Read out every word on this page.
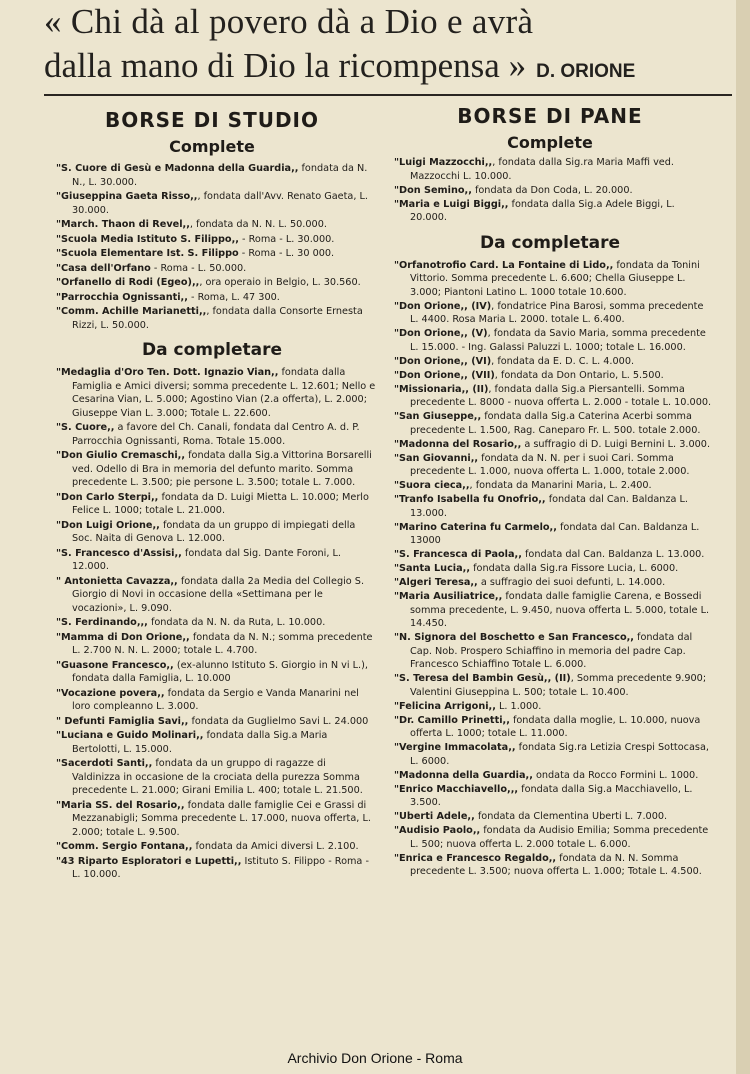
« Chi dà al povero dà a Dio e avrà
dalla mano di Dio la ricompensa » D. ORIONE
BORSE DI STUDIO
Complete

"S. Cuore di Gesù e Madonna della Guardia,, fondata da N. N., L. 30.000.

"Giuseppina Gaeta Risso,,, fondata dall'Avv. Renato Gaeta, L. 30.000.

"March. Thaon di Revel,,, fondata da N. N. L. 50.000.

"Scuola Media Istituto S. Filippo,, - Roma - L. 30.000.

"Scuola Elementare Ist. S. Filippo - Roma - L. 30 000.

"Casa dell'Orfano - Roma - L. 50.000.

"Orfanello di Rodi (Egeo),,, ora operaio in Belgio, L. 30.560.

"Parrocchia Ognissanti,, - Roma, L. 47 300.

"Comm. Achille Marianetti,,, fondata dalla Consorte Ernesta Rizzi, L. 50.000.

Da completare

"Medaglia d'Oro Ten. Dott. Ignazio Vian,, fondata dalla Famiglia e Amici diversi; somma precedente L. 12.601; Nello e Cesarina Vian, L. 5.000; Agostino Vian (2.a offerta), L. 2.000; Giuseppe Vian L. 3.000; Totale L. 22.600.

"S. Cuore,, a favore del Ch. Canali, fondata dal Centro A. d. P. Parrocchia Ognissanti, Roma. Totale 15.000.

"Don Giulio Cremaschi,, fondata dalla Sig.a Vittorina Borsarelli ved. Odello di Bra in memoria del defunto marito. Somma precedente L. 3.500; pie persone L. 3.500; totale L. 7.000.

"Don Carlo Sterpi,, fondata da D. Luigi Mietta L. 10.000; Merlo Felice L. 1000; totale L. 21.000.

"Don Luigi Orione,, fondata da un gruppo di impiegati della Soc. Naita di Genova L. 12.000.

"S. Francesco d'Assisi,, fondata dal Sig. Dante Foroni, L. 12.000.

" Antonietta Cavazza,, fondata dalla 2a Media del Collegio S. Giorgio di Novi in occasione della «Settimana per le vocazioni», L. 9.090.

"S. Ferdinando,,, fondata da N. N. da Ruta, L. 10.000.

"Mamma di Don Orione,, fondata da N. N.; somma precedente L. 2.700 N. N. L. 2000; totale L. 4.700.

"Guasone Francesco,, (ex-alunno Istituto S. Giorgio in N vi L.), fondata dalla Famiglia, L. 10.000

"Vocazione povera,, fondata da Sergio e Vanda Manarini nel loro compleanno L. 3.000.

" Defunti Famiglia Savi,, fondata da Guglielmo Savi L. 24.000

"Luciana e Guido Molinari,, fondata dalla Sig.a Maria Bertolotti, L. 15.000.

"Sacerdoti Santi,, fondata da un gruppo di ragazze di Valdinizza in occasione de la crociata della purezza Somma precedente L. 21.000; Girani Emilia L. 400; totale L. 21.500.

"Maria SS. del Rosario,, fondata dalle famiglie Cei e Grassi di Mezzanabigli; Somma precedente L. 17.000, nuova offerta, L. 2.000; totale L. 9.500.

"Comm. Sergio Fontana,, fondata da Amici diversi L. 2.100.

"43 Riparto Esploratori e Lupetti,, Istituto S. Filippo - Roma - L. 10.000.

BORSE DI PANE
Complete

"Luigi Mazzocchi,,, fondata dalla Sig.ra Maria Maffi ved. Mazzocchi L. 10.000.

"Don Semino,, fondata da Don Coda, L. 20.000.

"Maria e Luigi Biggi,, fondata dalla Sig.a Adele Biggi, L. 20.000.

Da completare

"Orfanotrofio Card. La Fontaine di Lido,, fondata da Tonini Vittorio. Somma precedente L. 6.600; Chella Giuseppe L. 3.000; Piantoni Latino L. 1000 totale 10.600.

"Don Orione,, (IV), fondatrice Pina Barosi, somma precedente L. 4400. Rosa Maria L. 2000. totale L. 6.400.

"Don Orione,, (V), fondata da Savio Maria, somma precedente L. 15.000. - Ing. Galassi Paluzzi L. 1000; totale L. 16.000.

"Don Orione,, (VI), fondata da E. D. C. L. 4.000.

"Don Orione,, (VII), fondata da Don Ontario, L. 5.500.

"Missionaria,, (II), fondata dalla Sig.a Piersantelli. Somma precedente L. 8000 - nuova offerta L. 2.000 - totale L. 10.000.

"San Giuseppe,, fondata dalla Sig.a Caterina Acerbi somma precedente L. 1.500, Rag. Caneparo Fr. L. 500. totale 2.000.

"Madonna del Rosario,, a suffragio di D. Luigi Bernini L. 3.000.

"San Giovanni,, fondata da N. N. per i suoi Cari. Somma precedente L. 1.000, nuova offerta L. 1.000, totale 2.000.

"Suora cieca,,, fondata da Manarini Maria, L. 2.400.

"Tranfo Isabella fu Onofrio,, fondata dal Can. Baldanza L. 13.000.

"Marino Caterina fu Carmelo,, fondata dal Can. Baldanza L. 13000

"S. Francesca di Paola,, fondata dal Can. Baldanza L. 13.000.

"Santa Lucia,, fondata dalla Sig.ra Fissore Lucia, L. 6000.

"Algeri Teresa,, a suffragio dei suoi defunti, L. 14.000.

"Maria Ausiliatrice,, fondata dalle famiglie Carena, e Bossedi somma precedente, L. 9.450, nuova offerta L. 5.000, totale L. 14.450.

"N. Signora del Boschetto e San Francesco,, fondata dal Cap. Nob. Prospero Schiaffino in memoria del padre Cap. Francesco Schiaffino Totale L. 6.000.

"S. Teresa del Bambin Gesù,, (II), Somma precedente 9.900; Valentini Giuseppina L. 500; totale L. 10.400.

"Felicina Arrigoni,, L. 1.000.

"Dr. Camillo Prinetti,, fondata dalla moglie, L. 10.000, nuova offerta L. 1000; totale L. 11.000.

"Vergine Immacolata,, fondata Sig.ra Letizia Crespi Sottocasa, L. 6000.

"Madonna della Guardia,, ondata da Rocco Formini L. 1000.

"Enrico Macchiavello,,, fondata dalla Sig.a Macchiavello, L. 3.500.

"Uberti Adele,, fondata da Clementina Uberti L. 7.000.

"Audisio Paolo,, fondata da Audisio Emilia; Somma precedente L. 500; nuova offerta L. 2.000 totale L. 6.000.

"Enrica e Francesco Regaldo,, fondata da N. N. Somma precedente L. 3.500; nuova offerta L. 1.000; Totale L. 4.500.

Archivio Don Orione - Roma
